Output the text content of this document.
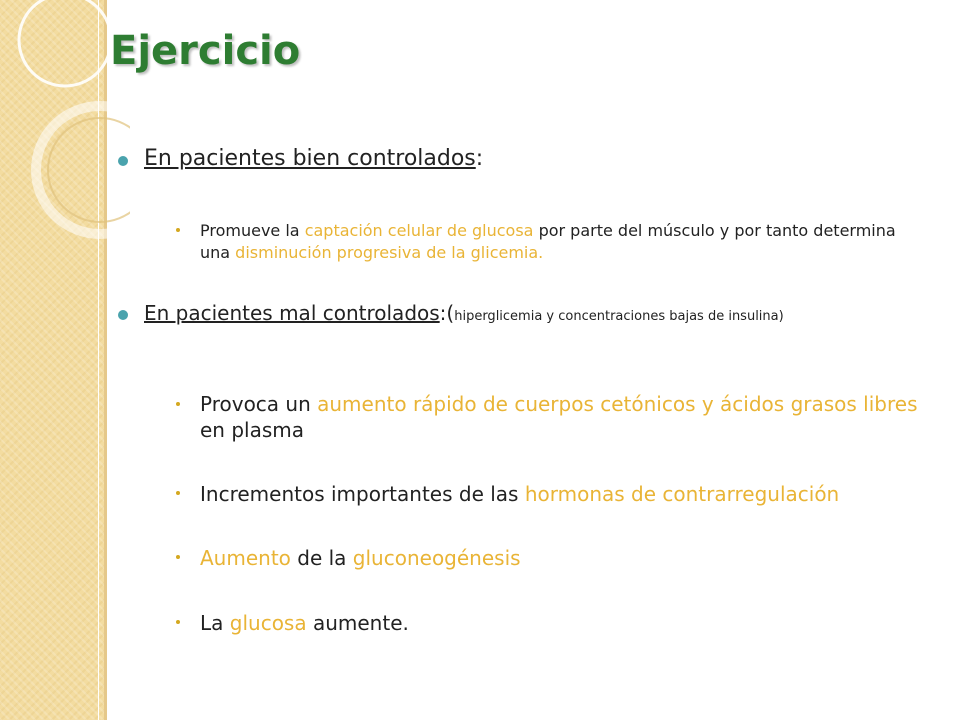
Ejercicio
En pacientes bien controlados:
Promueve la captación celular de glucosa por parte del músculo y por tanto determina una disminución progresiva de la glicemia.
En pacientes mal controlados:(hiperglicemia y concentraciones bajas de insulina)
Provoca un aumento rápido de cuerpos cetónicos y ácidos grasos libres en plasma
Incrementos importantes de las hormonas de contrarregulación
Aumento de la gluconeogénesis
La glucosa aumente.
